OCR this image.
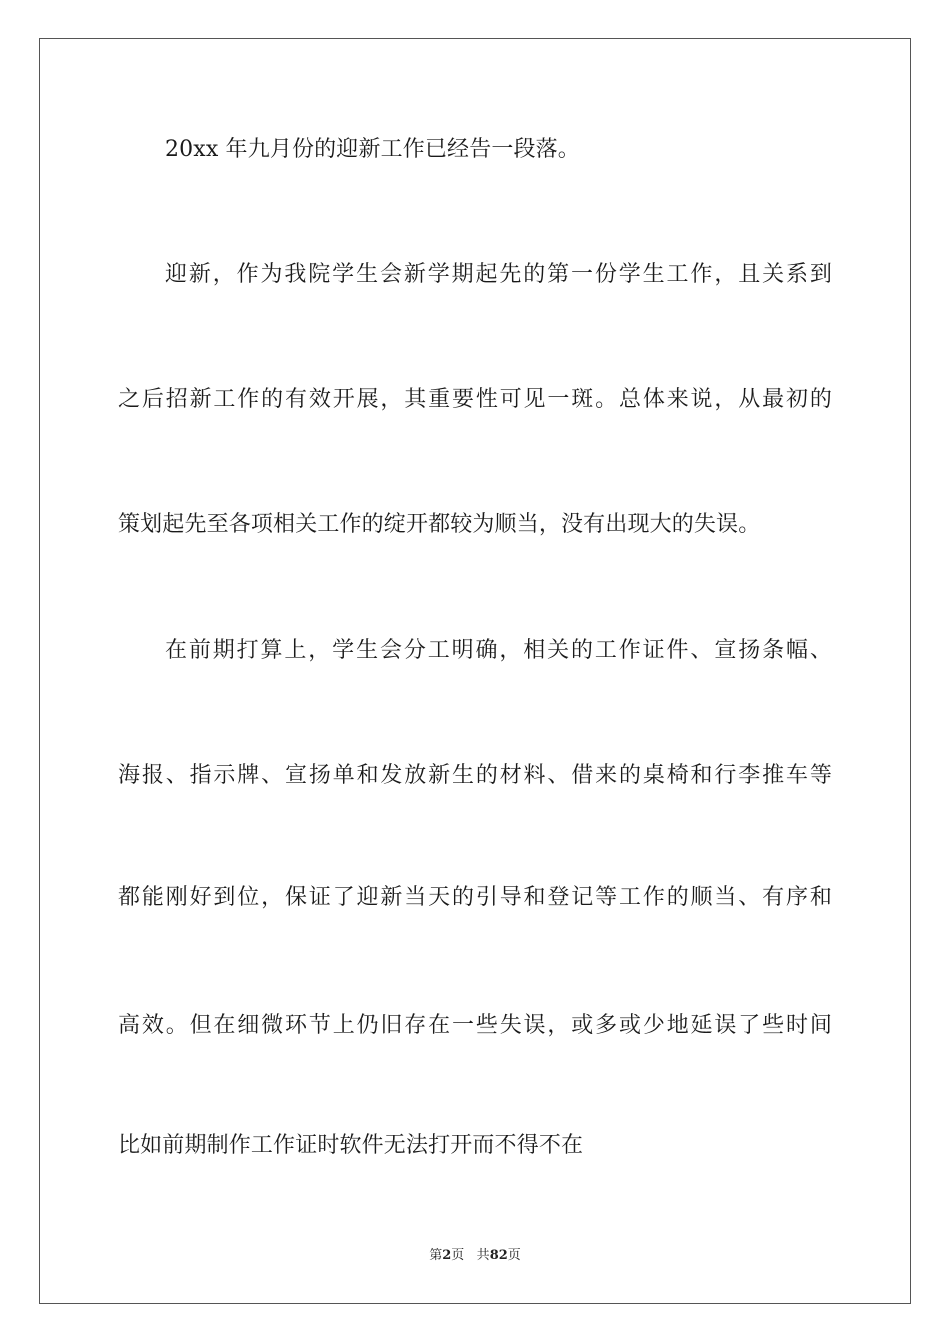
20xx 年九月份的迎新工作已经告一段落。
迎新，作为我院学生会新学期起先的第一份学生工作，且关系到
之后招新工作的有效开展，其重要性可见一斑。总体来说，从最初的
策划起先至各项相关工作的绽开都较为顺当，没有出现大的失误。
在前期打算上，学生会分工明确，相关的工作证件、宣扬条幅、
海报、指示牌、宣扬单和发放新生的材料、借来的桌椅和行李推车等
都能刚好到位，保证了迎新当天的引导和登记等工作的顺当、有序和
高效。但在细微环节上仍旧存在一些失误，或多或少地延误了些时间
比如前期制作工作证时软件无法打开而不得不在
第2页 共82页
